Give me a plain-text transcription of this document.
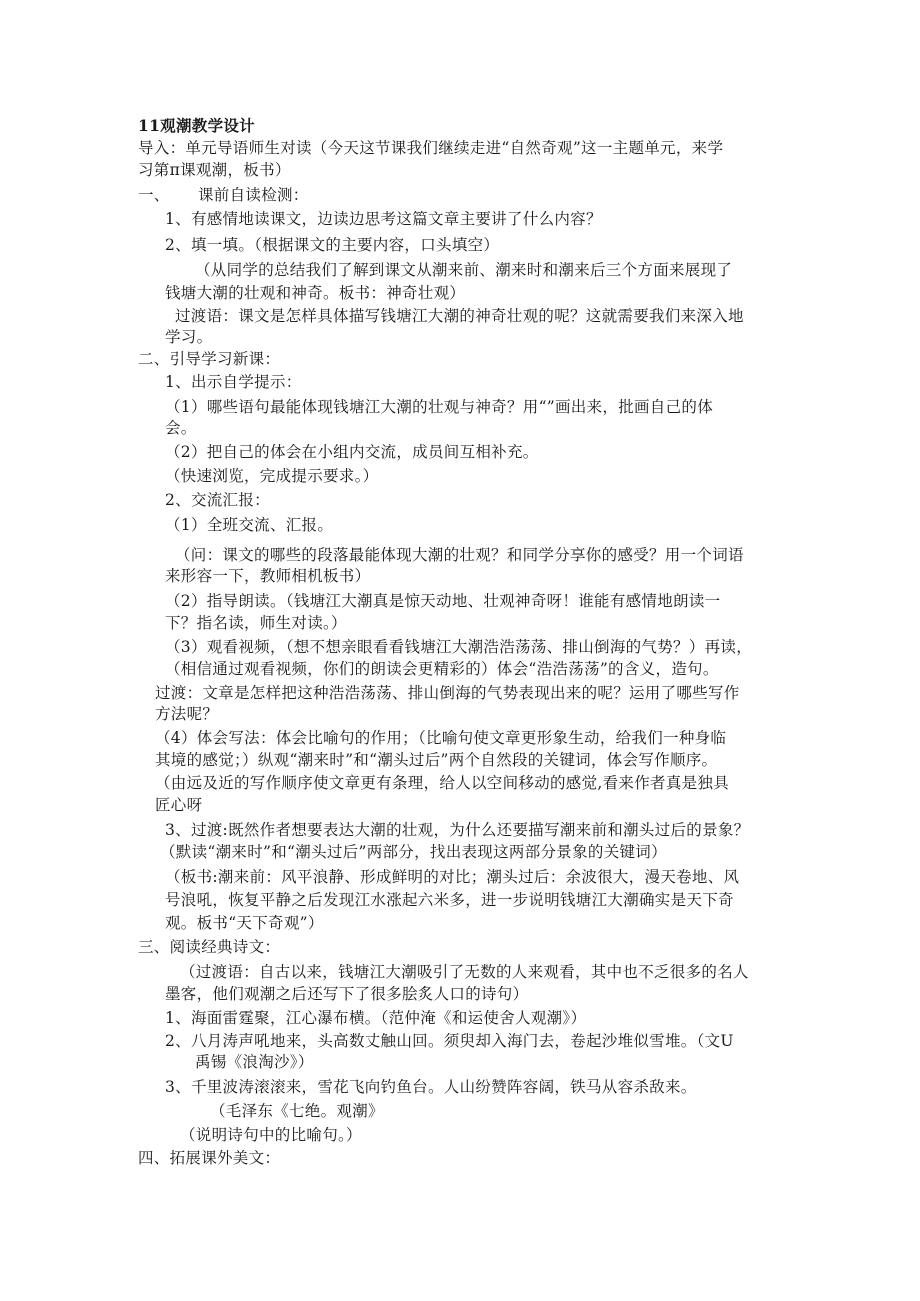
11观潮教学设计
导入：单元导语师生对读（今天这节课我们继续走进“自然奇观”这一主题单元，来学
习第π课观潮，板书）
一、 课前自读检测：
1、有感情地读课文，边读边思考这篇文章主要讲了什么内容？
2、填一填。（根据课文的主要内容，口头填空）
（从同学的总结我们了解到课文从潮来前、潮来时和潮来后三个方面来展现了
钱塘大潮的壮观和神奇。板书：神奇壮观）
过渡语：课文是怎样具体描写钱塘江大潮的神奇壮观的呢？这就需要我们来深入地
学习。
二、引导学习新课：
1、出示自学提示：
（1）哪些语句最能体现钱塘江大潮的壮观与神奇？用“”画出来，批画自己的体
会。
（2）把自己的体会在小组内交流，成员间互相补充。
（快速浏览，完成提示要求。）
2、交流汇报：
（1）全班交流、汇报。
（问：课文的哪些的段落最能体现大潮的壮观？和同学分享你的感受？用一个词语
来形容一下，教师相机板书）
（2）指导朗读。（钱塘江大潮真是惊天动地、壮观神奇呀！谁能有感情地朗读一
下？指名读，师生对读。）
（3）观看视频，（想不想亲眼看看钱塘江大潮浩浩荡荡、排山倒海的气势？）再读，
（相信通过观看视频，你们的朗读会更精彩的）体会“浩浩荡荡”的含义，造句。
过渡：文章是怎样把这种浩浩荡荡、排山倒海的气势表现出来的呢？运用了哪些写作
方法呢？
（4）体会写法：体会比喻句的作用；（比喻句使文章更形象生动，给我们一种身临
其境的感觉；）纵观“潮来时”和“潮头过后”两个自然段的关键词，体会写作顺序。
（由远及近的写作顺序使文章更有条理，给人以空间移动的感觉,看来作者真是独具
匠心呀
3、过渡:既然作者想要表达大潮的壮观，为什么还要描写潮来前和潮头过后的景象？
（默读“潮来时”和“潮头过后”两部分，找出表现这两部分景象的关键词）
（板书:潮来前：风平浪静、形成鲜明的对比；潮头过后：余波很大，漫天卷地、风
号浪吼，恢复平静之后发现江水涨起六米多，进一步说明钱塘江大潮确实是天下奇
观。板书“天下奇观”）
三、阅读经典诗文：
（过渡语：自古以来，钱塘江大潮吸引了无数的人来观看，其中也不乏很多的名人
墨客，他们观潮之后还写下了很多脍炙人口的诗句）
1、海面雷霆聚，江心瀑布横。（范仲淹《和运使舍人观潮》）
2、八月涛声吼地来，头高数丈触山回。须臾却入海门去，卷起沙堆似雪堆。（文U
禹锡《浪淘沙》）
3、千里波涛滚滚来，雪花飞向钓鱼台。人山纷赞阵容阔，铁马从容杀敌来。
（毛泽东《七绝。观潮》
（说明诗句中的比喻句。）
四、拓展课外美文：
